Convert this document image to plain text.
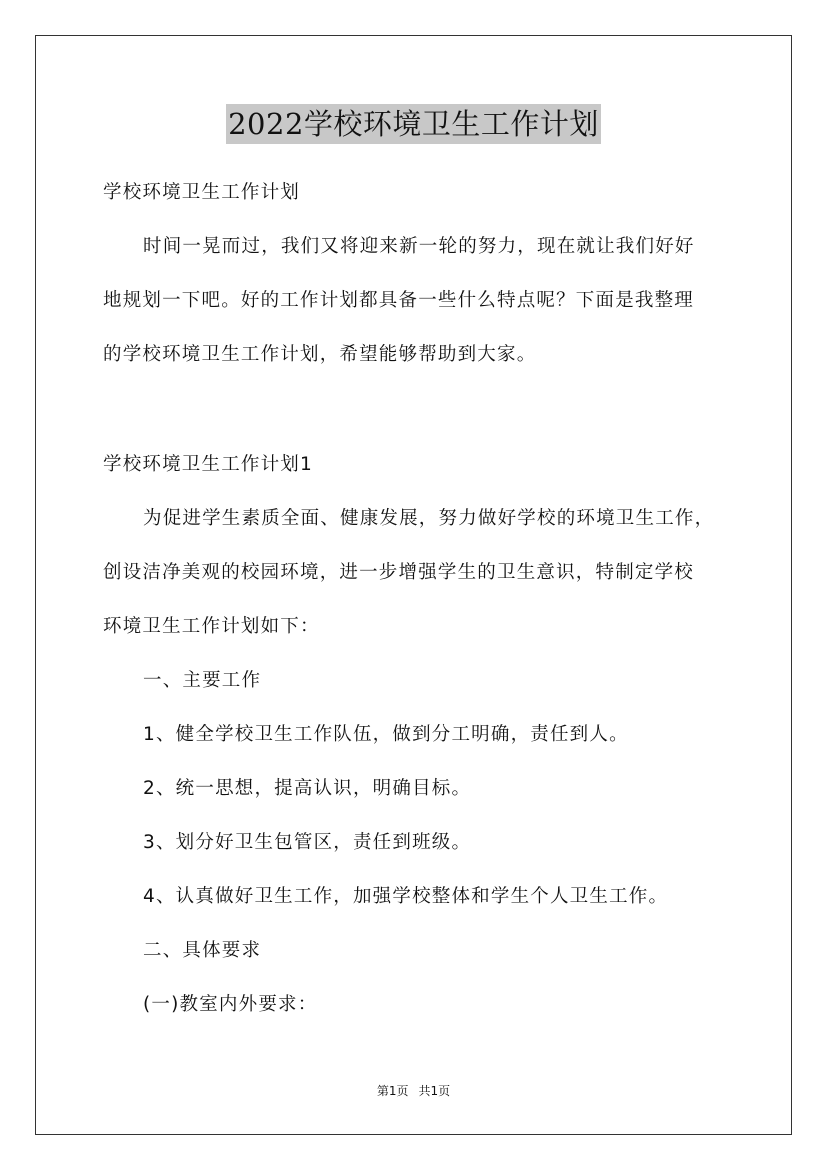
2022学校环境卫生工作计划
学校环境卫生工作计划
时间一晃而过，我们又将迎来新一轮的努力，现在就让我们好好
地规划一下吧。好的工作计划都具备一些什么特点呢？下面是我整理
的学校环境卫生工作计划，希望能够帮助到大家。
学校环境卫生工作计划1
为促进学生素质全面、健康发展，努力做好学校的环境卫生工作，
创设洁净美观的校园环境，进一步增强学生的卫生意识，特制定学校
环境卫生工作计划如下：
一、主要工作
1、健全学校卫生工作队伍，做到分工明确，责任到人。
2、统一思想，提高认识，明确目标。
3、划分好卫生包管区，责任到班级。
4、认真做好卫生工作，加强学校整体和学生个人卫生工作。
二、具体要求
(一)教室内外要求：
第1页 共1页
